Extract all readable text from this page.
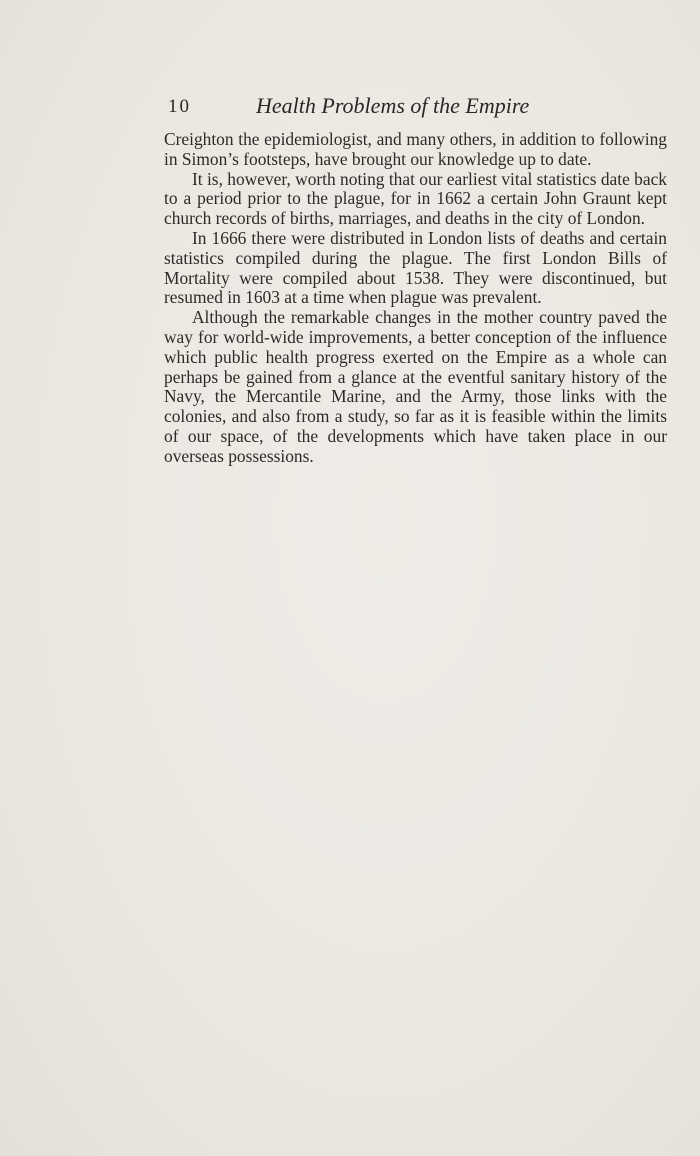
10	Health Problems of the Empire

Creighton the epidemiologist, and many others, in addition to following in Simon’s footsteps, have brought our knowledge up to date.

It is, however, worth noting that our earliest vital statistics date back to a period prior to the plague, for in 1662 a certain John Graunt kept church records of births, marriages, and deaths in the city of London.

In 1666 there were distributed in London lists of deaths and certain statistics compiled during the plague. The first London Bills of Mortality were compiled about 1538. They were discontinued, but resumed in 1603 at a time when plague was prevalent.

Although the remarkable changes in the mother country paved the way for world-wide improvements, a better conception of the influence which public health progress exerted on the Empire as a whole can perhaps be gained from a glance at the eventful sanitary history of the Navy, the Mercantile Marine, and the Army, those links with the colonies, and also from a study, so far as it is feasible within the limits of our space, of the developments which have taken place in our overseas possessions.
